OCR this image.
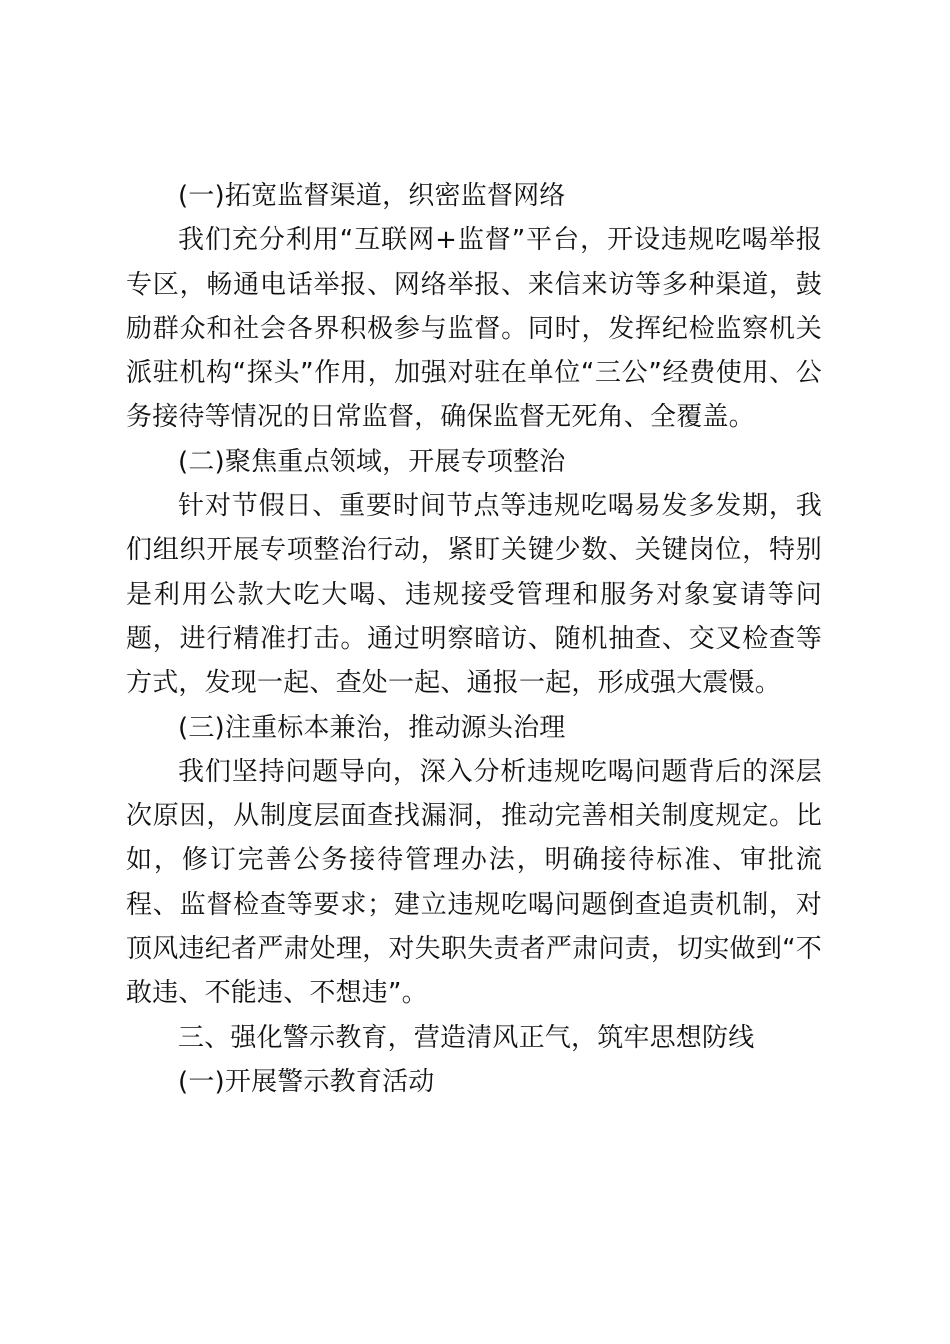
(一)拓宽监督渠道，织密监督网络

我们充分利用“互联网+监督”平台，开设违规吃喝举报专区，畅通电话举报、网络举报、来信来访等多种渠道，鼓励群众和社会各界积极参与监督。同时，发挥纪检监察机关派驻机构“探头”作用，加强对驻在单位“三公”经费使用、公务接待等情况的日常监督，确保监督无死角、全覆盖。

(二)聚焦重点领域，开展专项整治

针对节假日、重要时间节点等违规吃喝易发多发期，我们组织开展专项整治行动，紧盯关键少数、关键岗位，特别是利用公款大吃大喝、违规接受管理和服务对象宴请等问题，进行精准打击。通过明察暗访、随机抽查、交叉检查等方式，发现一起、查处一起、通报一起，形成强大震慑。

(三)注重标本兼治，推动源头治理

我们坚持问题导向，深入分析违规吃喝问题背后的深层次原因，从制度层面查找漏洞，推动完善相关制度规定。比如，修订完善公务接待管理办法，明确接待标准、审批流程、监督检查等要求；建立违规吃喝问题倒查追责机制，对顶风违纪者严肃处理，对失职失责者严肃问责，切实做到“不敢违、不能违、不想违”。

三、强化警示教育，营造清风正气，筑牢思想防线

(一)开展警示教育活动
